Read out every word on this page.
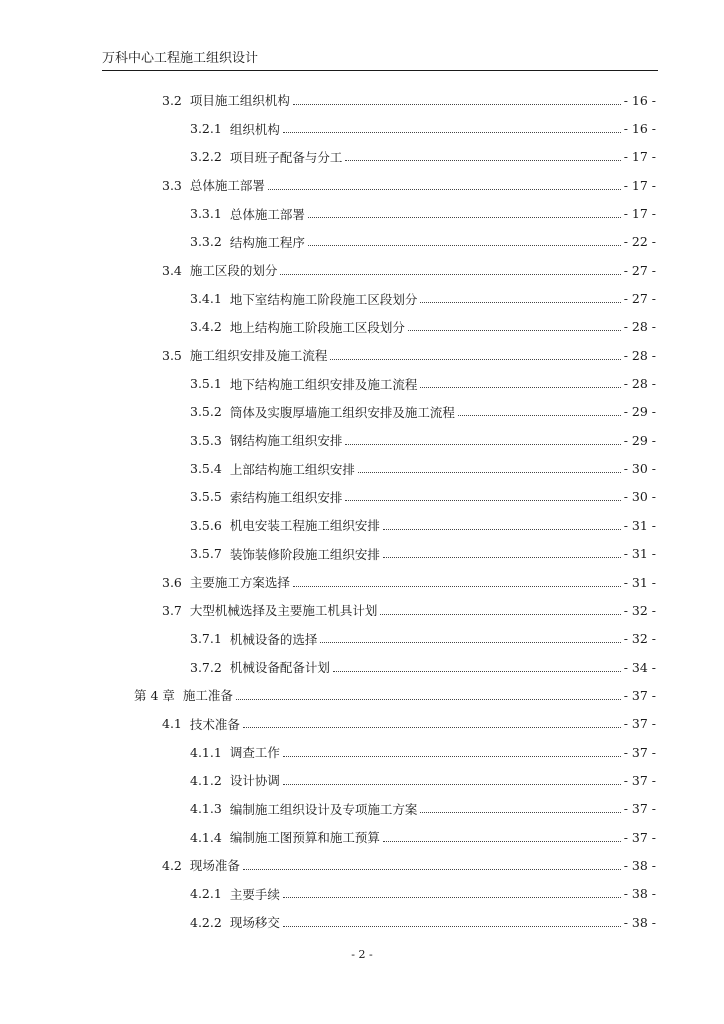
万科中心工程施工组织设计
3.2 项目施工组织机构	- 16 -
3.2.1 组织机构	- 16 -
3.2.2 项目班子配备与分工	- 17 -
3.3 总体施工部署	- 17 -
3.3.1 总体施工部署	- 17 -
3.3.2 结构施工程序	- 22 -
3.4 施工区段的划分	- 27 -
3.4.1 地下室结构施工阶段施工区段划分	- 27 -
3.4.2 地上结构施工阶段施工区段划分	- 28 -
3.5 施工组织安排及施工流程	- 28 -
3.5.1 地下结构施工组织安排及施工流程	- 28 -
3.5.2 筒体及实腹厚墙施工组织安排及施工流程	- 29 -
3.5.3 钢结构施工组织安排	- 29 -
3.5.4 上部结构施工组织安排	- 30 -
3.5.5 索结构施工组织安排	- 30 -
3.5.6 机电安装工程施工组织安排	- 31 -
3.5.7 装饰装修阶段施工组织安排	- 31 -
3.6 主要施工方案选择	- 31 -
3.7 大型机械选择及主要施工机具计划	- 32 -
3.7.1 机械设备的选择	- 32 -
3.7.2 机械设备配备计划	- 34 -
第 4 章 施工准备	- 37 -
4.1 技术准备	- 37 -
4.1.1 调查工作	- 37 -
4.1.2 设计协调	- 37 -
4.1.3 编制施工组织设计及专项施工方案	- 37 -
4.1.4 编制施工图预算和施工预算	- 37 -
4.2 现场准备	- 38 -
4.2.1 主要手续	- 38 -
4.2.2 现场移交	- 38 -
- 2 -
